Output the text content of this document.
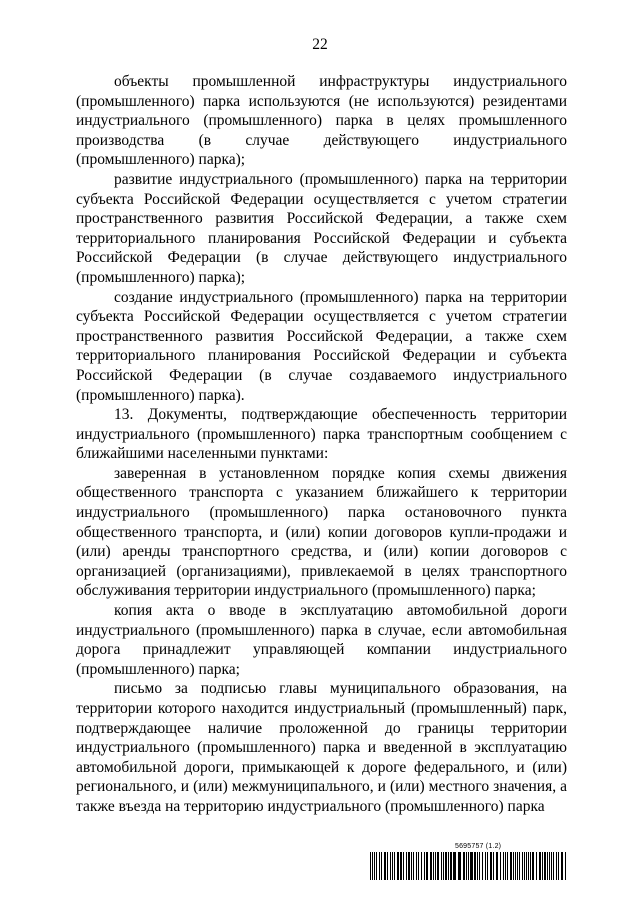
22

объекты промышленной инфраструктуры индустриального (промышленного) парка используются (не используются) резидентами индустриального (промышленного) парка в целях промышленного производства (в случае действующего индустриального (промышленного) парка);

развитие индустриального (промышленного) парка на территории субъекта Российской Федерации осуществляется с учетом стратегии пространственного развития Российской Федерации, а также схем территориального планирования Российской Федерации и субъекта Российской Федерации (в случае действующего индустриального (промышленного) парка);

создание индустриального (промышленного) парка на территории субъекта Российской Федерации осуществляется с учетом стратегии пространственного развития Российской Федерации, а также схем территориального планирования Российской Федерации и субъекта Российской Федерации (в случае создаваемого индустриального (промышленного) парка).

13. Документы, подтверждающие обеспеченность территории индустриального (промышленного) парка транспортным сообщением с ближайшими населенными пунктами:

заверенная в установленном порядке копия схемы движения общественного транспорта с указанием ближайшего к территории индустриального (промышленного) парка остановочного пункта общественного транспорта, и (или) копии договоров купли-продажи и (или) аренды транспортного средства, и (или) копии договоров с организацией (организациями), привлекаемой в целях транспортного обслуживания территории индустриального (промышленного) парка;

копия акта о вводе в эксплуатацию автомобильной дороги индустриального (промышленного) парка в случае, если автомобильная дорога принадлежит управляющей компании индустриального (промышленного) парка;

письмо за подписью главы муниципального образования, на территории которого находится индустриальный (промышленный) парк, подтверждающее наличие проложенной до границы территории индустриального (промышленного) парка и введенной в эксплуатацию автомобильной дороги, примыкающей к дороге федерального, и (или) регионального, и (или) межмуниципального, и (или) местного значения, а также въезда на территорию индустриального (промышленного) парка

5695757 (1.2)
